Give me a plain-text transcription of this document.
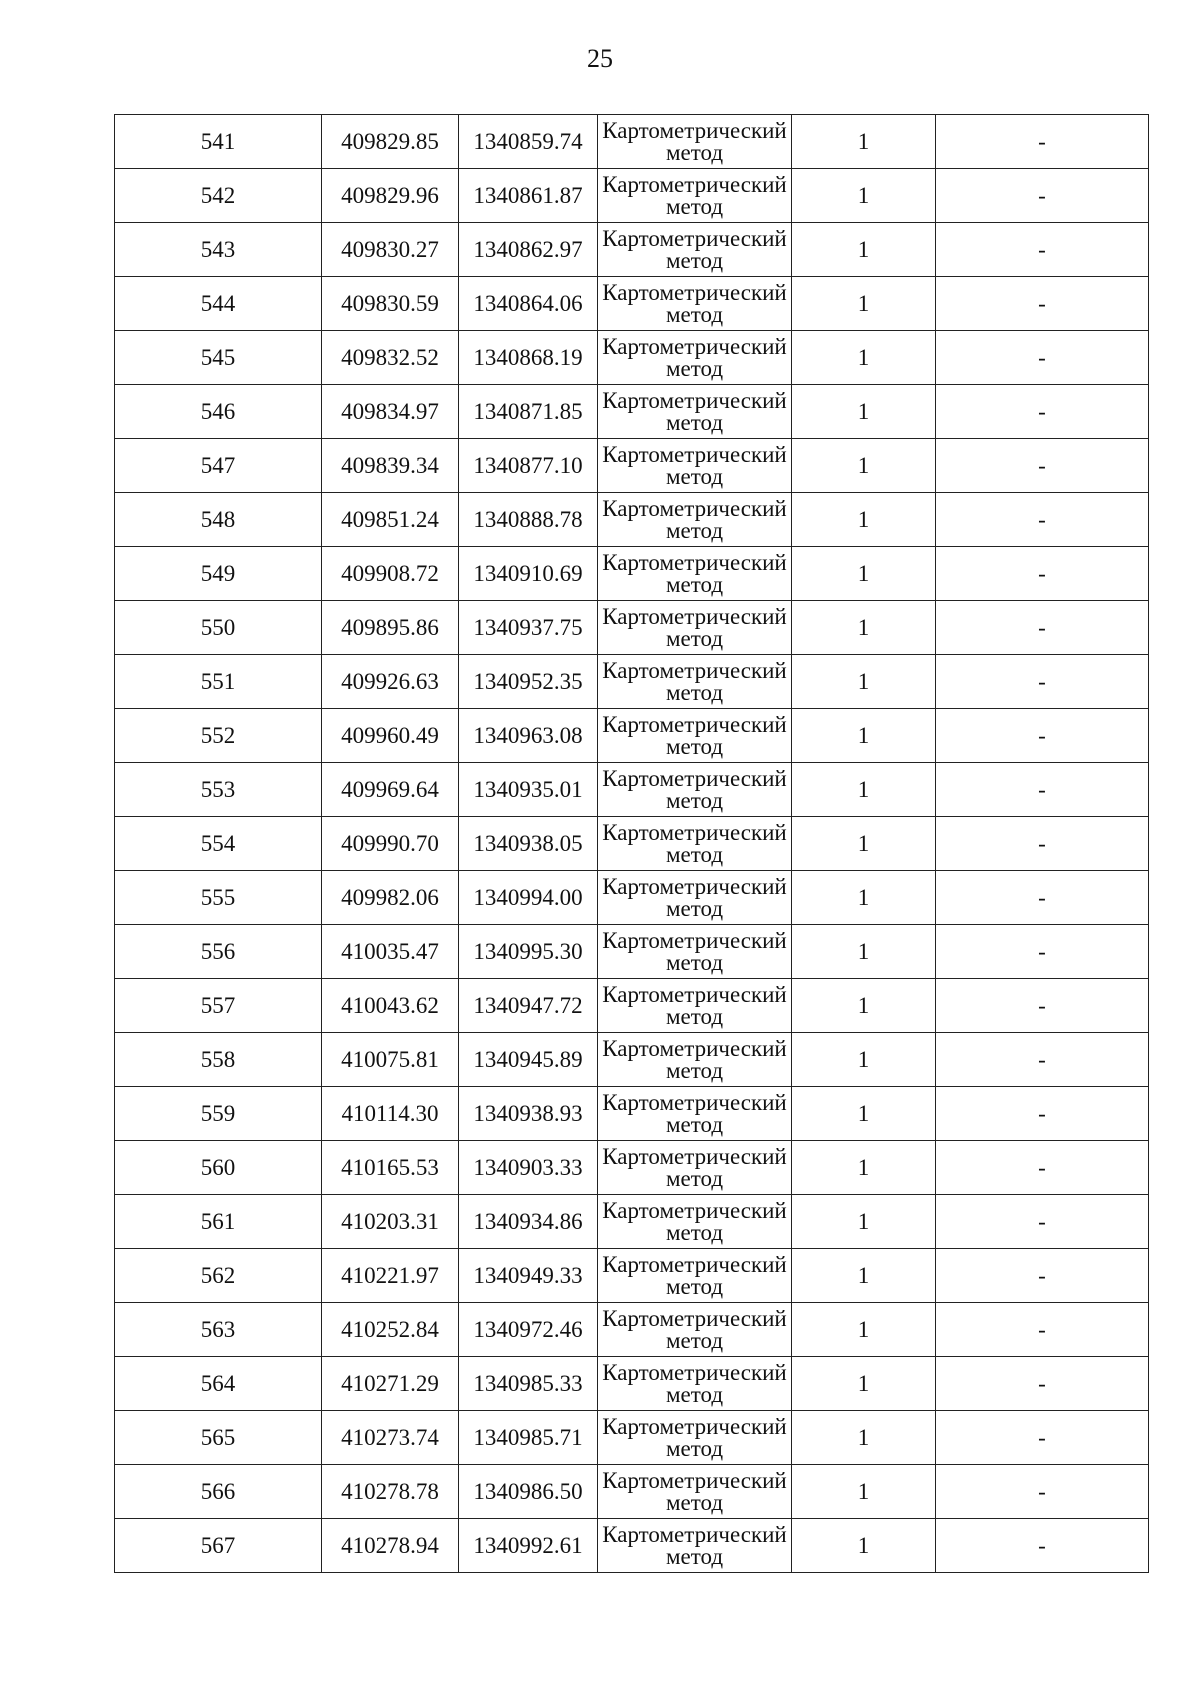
25
541	409829.85	1340859.74	Картометрический
метод	1	-
542	409829.96	1340861.87	Картометрический
метод	1	-
543	409830.27	1340862.97	Картометрический
метод	1	-
544	409830.59	1340864.06	Картометрический
метод	1	-
545	409832.52	1340868.19	Картометрический
метод	1	-
546	409834.97	1340871.85	Картометрический
метод	1	-
547	409839.34	1340877.10	Картометрический
метод	1	-
548	409851.24	1340888.78	Картометрический
метод	1	-
549	409908.72	1340910.69	Картометрический
метод	1	-
550	409895.86	1340937.75	Картометрический
метод	1	-
551	409926.63	1340952.35	Картометрический
метод	1	-
552	409960.49	1340963.08	Картометрический
метод	1	-
553	409969.64	1340935.01	Картометрический
метод	1	-
554	409990.70	1340938.05	Картометрический
метод	1	-
555	409982.06	1340994.00	Картометрический
метод	1	-
556	410035.47	1340995.30	Картометрический
метод	1	-
557	410043.62	1340947.72	Картометрический
метод	1	-
558	410075.81	1340945.89	Картометрический
метод	1	-
559	410114.30	1340938.93	Картометрический
метод	1	-
560	410165.53	1340903.33	Картометрический
метод	1	-
561	410203.31	1340934.86	Картометрический
метод	1	-
562	410221.97	1340949.33	Картометрический
метод	1	-
563	410252.84	1340972.46	Картометрический
метод	1	-
564	410271.29	1340985.33	Картометрический
метод	1	-
565	410273.74	1340985.71	Картометрический
метод	1	-
566	410278.78	1340986.50	Картометрический
метод	1	-
567	410278.94	1340992.61	Картометрический
метод	1	-
